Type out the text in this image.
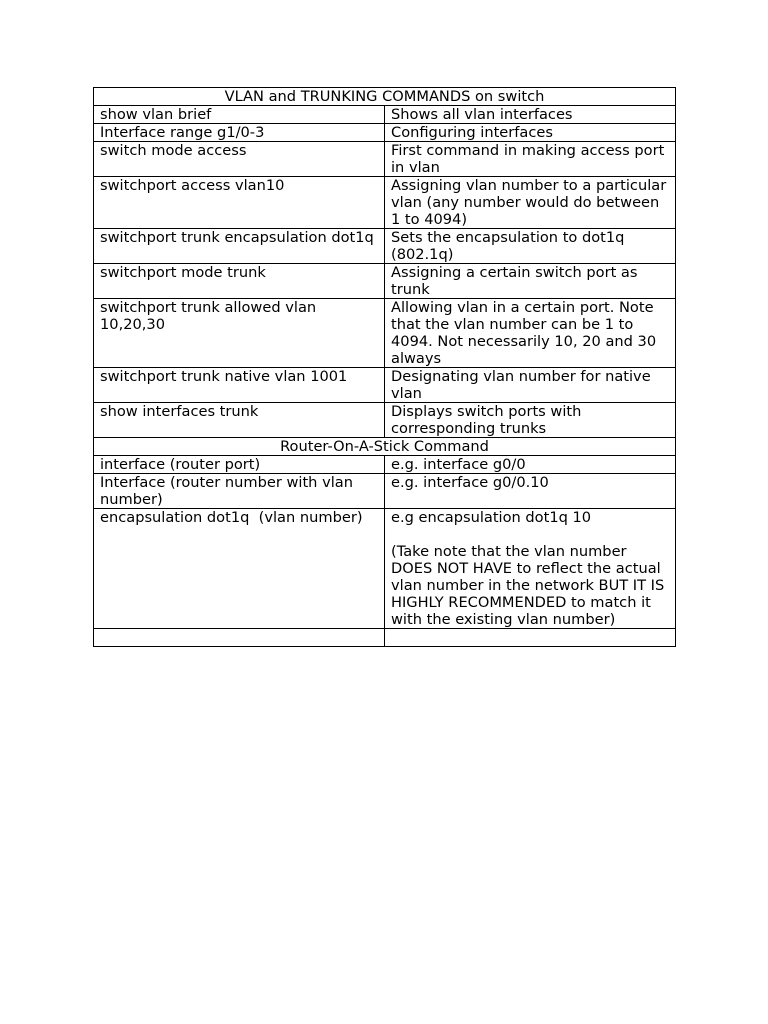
VLAN and TRUNKING COMMANDS on switch	
show vlan brief	Shows all vlan interfaces
Interface range g1/0-3	Configuring interfaces
switch mode access	First command in making access port in vlan
switchport access vlan10	Assigning vlan number to a particular vlan (any number would do between 1 to 4094)
switchport trunk encapsulation dot1q	Sets the encapsulation to dot1q (802.1q)
switchport mode trunk	Assigning a certain switch port as trunk
switchport trunk allowed vlan 10,20,30	Allowing vlan in a certain port. Note that the vlan number can be 1 to 4094. Not necessarily 10, 20 and 30 always
switchport trunk native vlan 1001	Designating vlan number for native vlan
show interfaces trunk	Displays switch ports with corresponding trunks
Router-On-A-Stick Command	
interface (router port)	e.g. interface g0/0
Interface (router number with vlan number)	e.g. interface g0/0.10
encapsulation dot1q  (vlan number)	e.g encapsulation dot1q 10

(Take note that the vlan number DOES NOT HAVE to reflect the actual vlan number in the network BUT IT IS HIGHLY RECOMMENDED to match it with the existing vlan number)
